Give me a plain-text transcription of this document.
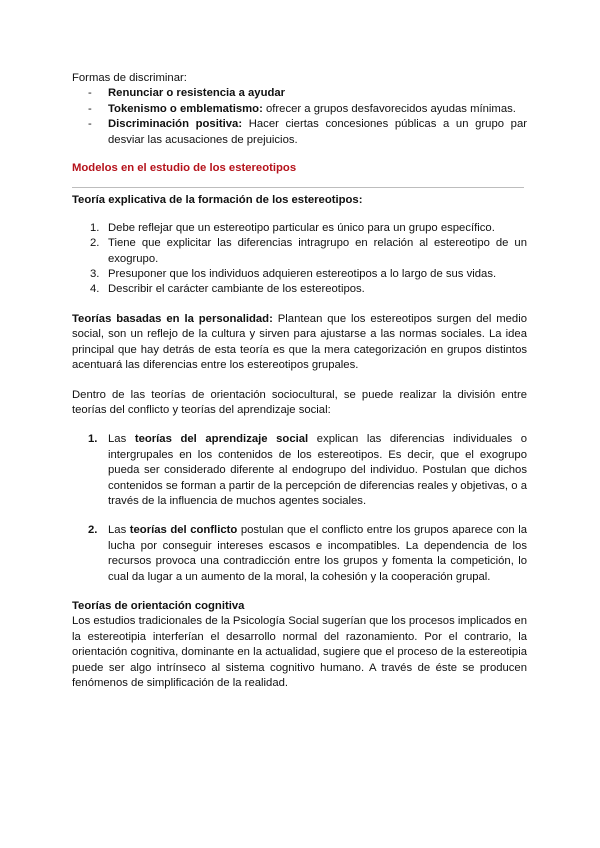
Formas de discriminar:

- Renunciar o resistencia a ayudar
- Tokenismo o emblematismo: ofrecer a grupos desfavorecidos ayudas mínimas.
- Discriminación positiva: Hacer ciertas concesiones públicas a un grupo par desviar las acusaciones de prejuicios.

Modelos en el estudio de los estereotipos

Teoría explicativa de la formación de los estereotipos:

1. Debe reflejar que un estereotipo particular es único para un grupo específico.
2. Tiene que explicitar las diferencias intragrupo en relación al estereotipo de un exogrupo.
3. Presuponer que los individuos adquieren estereotipos a lo largo de sus vidas.
4. Describir el carácter cambiante de los estereotipos.

Teorías basadas en la personalidad: Plantean que los estereotipos surgen del medio social, son un reflejo de la cultura y sirven para ajustarse a las normas sociales. La idea principal que hay detrás de esta teoría es que la mera categorización en grupos distintos acentuará las diferencias entre los estereotipos grupales.

Dentro de las teorías de orientación sociocultural, se puede realizar la división entre teorías del conflicto y teorías del aprendizaje social:

1. Las teorías del aprendizaje social explican las diferencias individuales o intergrupales en los contenidos de los estereotipos. Es decir, que el exogrupo pueda ser considerado diferente al endogrupo del individuo. Postulan que dichos contenidos se forman a partir de la percepción de diferencias reales y objetivas, o a través de la influencia de muchos agentes sociales.
2. Las teorías del conflicto postulan que el conflicto entre los grupos aparece con la lucha por conseguir intereses escasos e incompatibles. La dependencia de los recursos provoca una contradicción entre los grupos y fomenta la competición, lo cual da lugar a un aumento de la moral, la cohesión y la cooperación grupal.

Teorías de orientación cognitiva

Los estudios tradicionales de la Psicología Social sugerían que los procesos implicados en la estereotipia interferían el desarrollo normal del razonamiento. Por el contrario, la orientación cognitiva, dominante en la actualidad, sugiere que el proceso de la estereotipia puede ser algo intrínseco al sistema cognitivo humano. A través de éste se producen fenómenos de simplificación de la realidad.
